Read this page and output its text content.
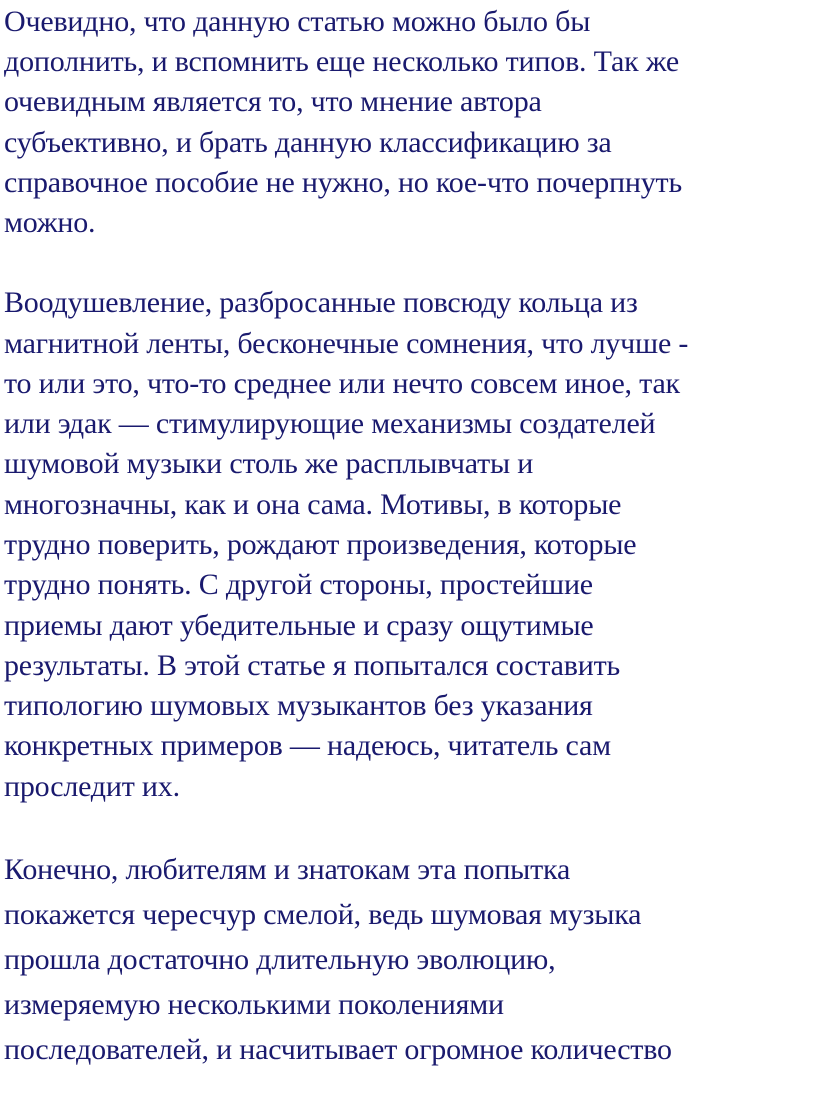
Очевидно, что данную статью можно было бы
дополнить, и вспомнить еще несколько типов. Так же
очевидным является то, что мнение автора
субъективно, и брать данную классификацию за
справочное пособие не нужно, но кое-что почерпнуть
можно.

Воодушевление, разбросанные повсюду кольца из
магнитной ленты, бесконечные сомнения, что лучше -
то или это, что-то среднее или нечто совсем иное, так
или эдак — стимулирующие механизмы создателей
шумовой музыки столь же расплывчаты и
многозначны, как и она сама. Мотивы, в которые
трудно поверить, рождают произведения, которые
трудно понять. С другой стороны, простейшие
приемы дают убедительные и сразу ощутимые
результаты. В этой статье я попытался составить
типологию шумовых музыкантов без указания
конкретных примеров — надеюсь, читатель сам
проследит их.

Конечно, любителям и знатокам эта попытка
покажется чересчур смелой, ведь шумовая музыка
прошла достаточно длительную эволюцию,
измеряемую несколькими поколениями
последователей, и насчитывает огромное количество
